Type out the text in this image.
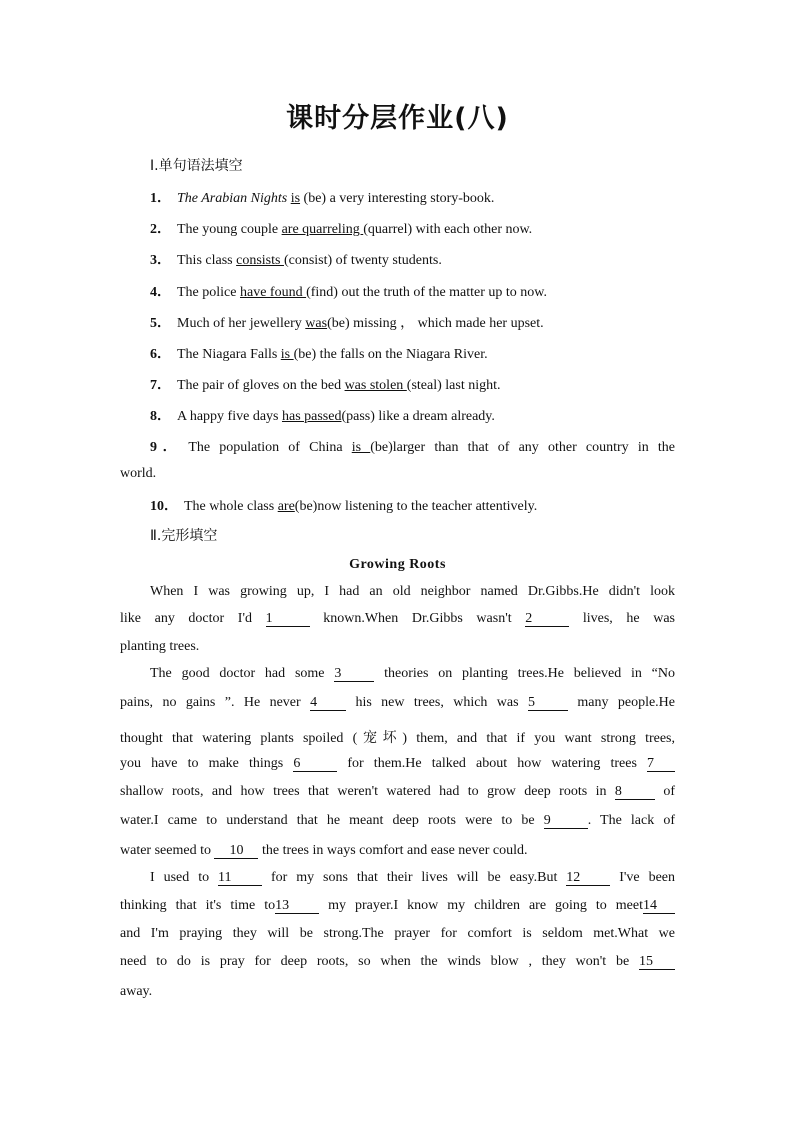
课时分层作业(八)
Ⅰ.单句语法填空
1． The Arabian Nights is (be) a very interesting story-book.
2． The young couple are quarreling (quarrel) with each other now.
3． This class consists (consist) of twenty students.
4． The police have found (find) out the truth of the matter up to now.
5． Much of her jewellery was(be) missing ， which made her upset.
6． The Niagara Falls is (be) the falls on the Niagara River.
7． The pair of gloves on the bed was stolen (steal) last night.
8． A happy five days has passed(pass) like a dream already.
9． The population of China is (be)larger than that of any other country in the
world.
10． The whole class are(be)now listening to the teacher attentively.
Ⅱ.完形填空
Growing Roots
When I was growing up, I had an old neighbor named Dr.Gibbs.He didn't look
like any doctor I'd 1	known.When Dr.Gibbs wasn't 2	lives, he was
planting trees.
The good doctor had some 3 theories on planting trees.He believed in “No
pains, no gains ”. He never 4 his new trees, which was 5 many people.He
thought that watering plants spoiled (宠坏) them, and that if you want strong trees,
you have to make things 6	for them.He talked about how watering trees 7
shallow roots, and how trees that weren't watered had to grow deep roots in 8 of
water.I came to understand that he meant deep roots were to be 9	. The lack of
water seemed to 10 the trees in ways comfort and ease never could.
I used to 11 for my sons that their lives will be easy.But 12 I've been
thinking that it's time to13 my prayer.I know my children are going to meet14
and I'm praying they will be strong.The prayer for comfort is seldom met.What we
need to do is pray for deep roots, so when the winds blow , they won't be 15
away.
